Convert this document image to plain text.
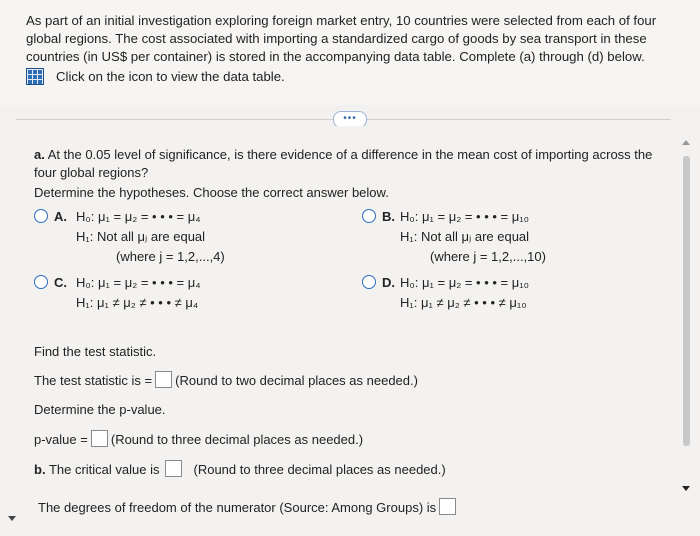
As part of an initial investigation exploring foreign market entry, 10 countries were selected from each of four global regions. The cost associated with importing a standardized cargo of goods by sea transport in these countries (in US$ per container) is stored in the accompanying data table. Complete (a) through (d) below.
Click on the icon to view the data table.
•••
a. At the 0.05 level of significance, is there evidence of a difference in the mean cost of importing across the four global regions?
Determine the hypotheses. Choose the correct answer below.
A. H₀: μ₁ = μ₂ = • • • = μ₄
H₁: Not all μⱼ are equal
(where j = 1,2,...,4)
B. H₀: μ₁ = μ₂ = • • • = μ₁₀
H₁: Not all μⱼ are equal
(where j = 1,2,...,10)
C. H₀: μ₁ = μ₂ = • • • = μ₄
H₁: μ₁ ≠ μ₂ ≠ • • • ≠ μ₄
D. H₀: μ₁ = μ₂ = • • • = μ₁₀
H₁: μ₁ ≠ μ₂ ≠ • • • ≠ μ₁₀
Find the test statistic.
The test statistic is = (Round to two decimal places as needed.)
Determine the p-value.
p-value = (Round to three decimal places as needed.)
b. The critical value is	(Round to three decimal places as needed.)
The degrees of freedom of the numerator (Source: Among Groups) is
